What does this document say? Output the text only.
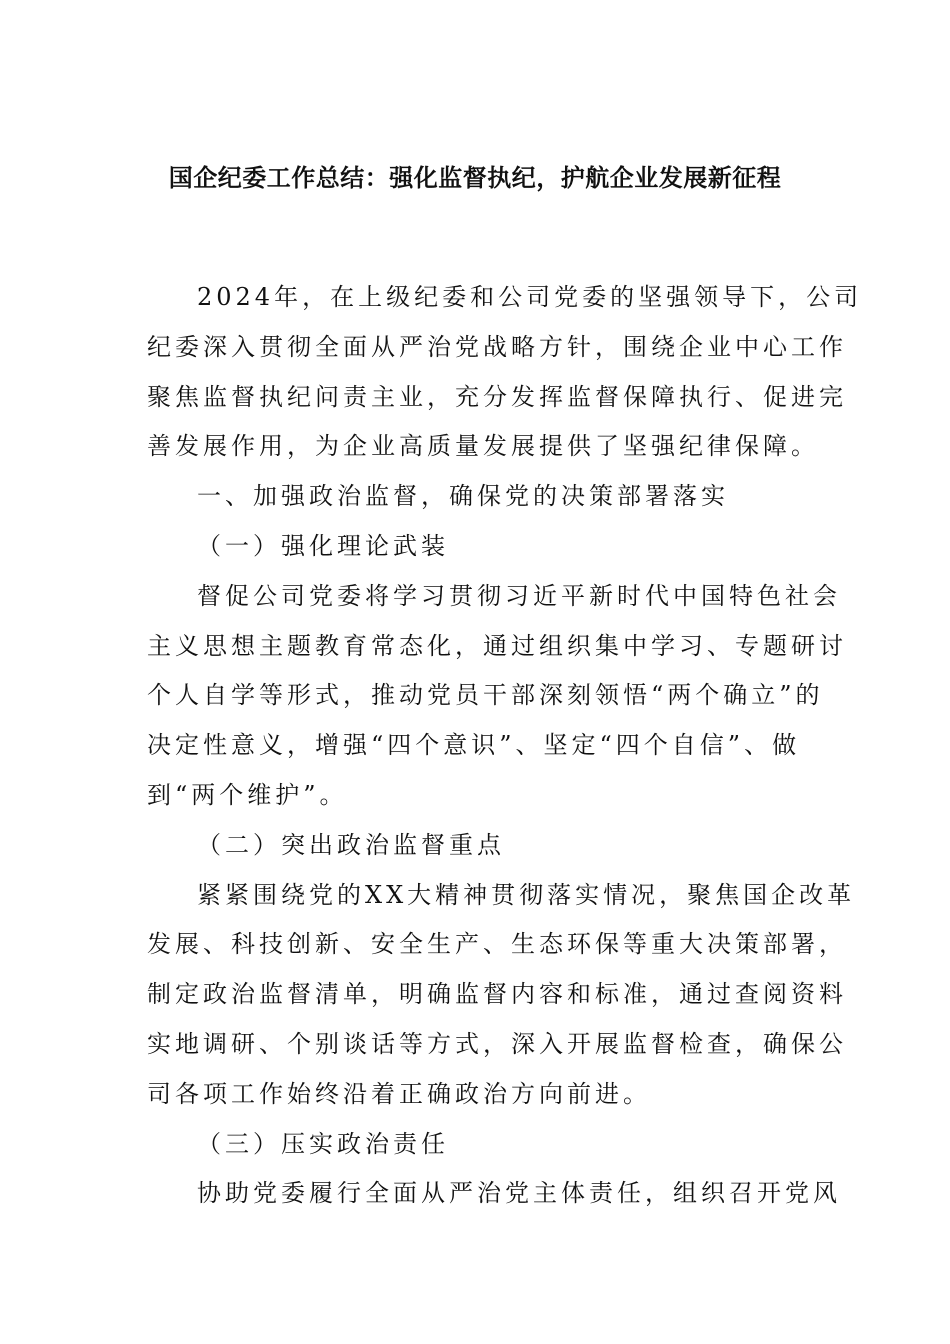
国企纪委工作总结：强化监督执纪，护航企业发展新征程
2024年，在上级纪委和公司党委的坚强领导下，公司
纪委深入贯彻全面从严治党战略方针，围绕企业中心工作
聚焦监督执纪问责主业，充分发挥监督保障执行、促进完
善发展作用，为企业高质量发展提供了坚强纪律保障。
一、加强政治监督，确保党的决策部署落实
（一）强化理论武装
督促公司党委将学习贯彻习近平新时代中国特色社会
主义思想主题教育常态化，通过组织集中学习、专题研讨
个人自学等形式，推动党员干部深刻领悟“两个确立”的
决定性意义，增强“四个意识”、坚定“四个自信”、做
到“两个维护”。
（二）突出政治监督重点
紧紧围绕党的XX大精神贯彻落实情况，聚焦国企改革
发展、科技创新、安全生产、生态环保等重大决策部署，
制定政治监督清单，明确监督内容和标准，通过查阅资料
实地调研、个别谈话等方式，深入开展监督检查，确保公
司各项工作始终沿着正确政治方向前进。
（三）压实政治责任
协助党委履行全面从严治党主体责任，组织召开党风
